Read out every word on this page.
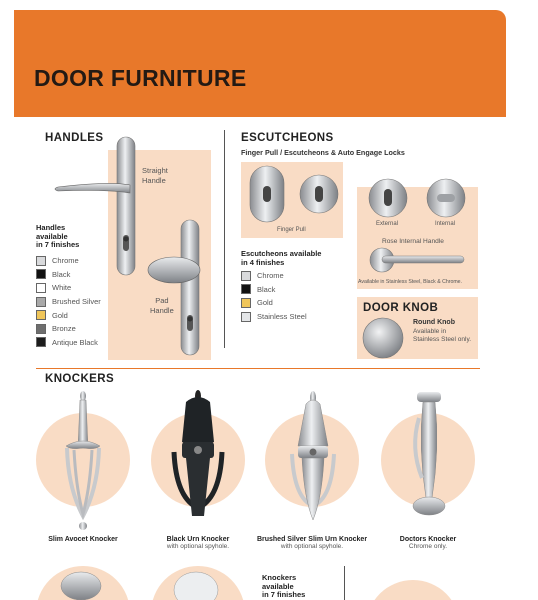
DOOR FURNITURE
HANDLES
Straight
Handle
Pad
Handle
Handles
available
in 7 finishes
Chrome
Black
White
Brushed Silver
Gold
Bronze
Antique Black
ESCUTCHEONS
Finger Pull / Escutcheons & Auto Engage Locks
Finger Pull
External	Internal
Rose Internal Handle
Available in Stainless Steel, Black & Chrome.
Escutcheons available
in 4 finishes
Chrome
Black
Gold
Stainless Steel
DOOR KNOB
Round Knob
Available in
Stainless Steel only.
KNOCKERS
Slim Avocet Knocker	Black Urn Knocker
with optional spyhole.
Brushed Silver Slim Urn Knocker
with optional spyhole.
Doctors Knocker
Chrome only.
Knockers
available
in 7 finishes
